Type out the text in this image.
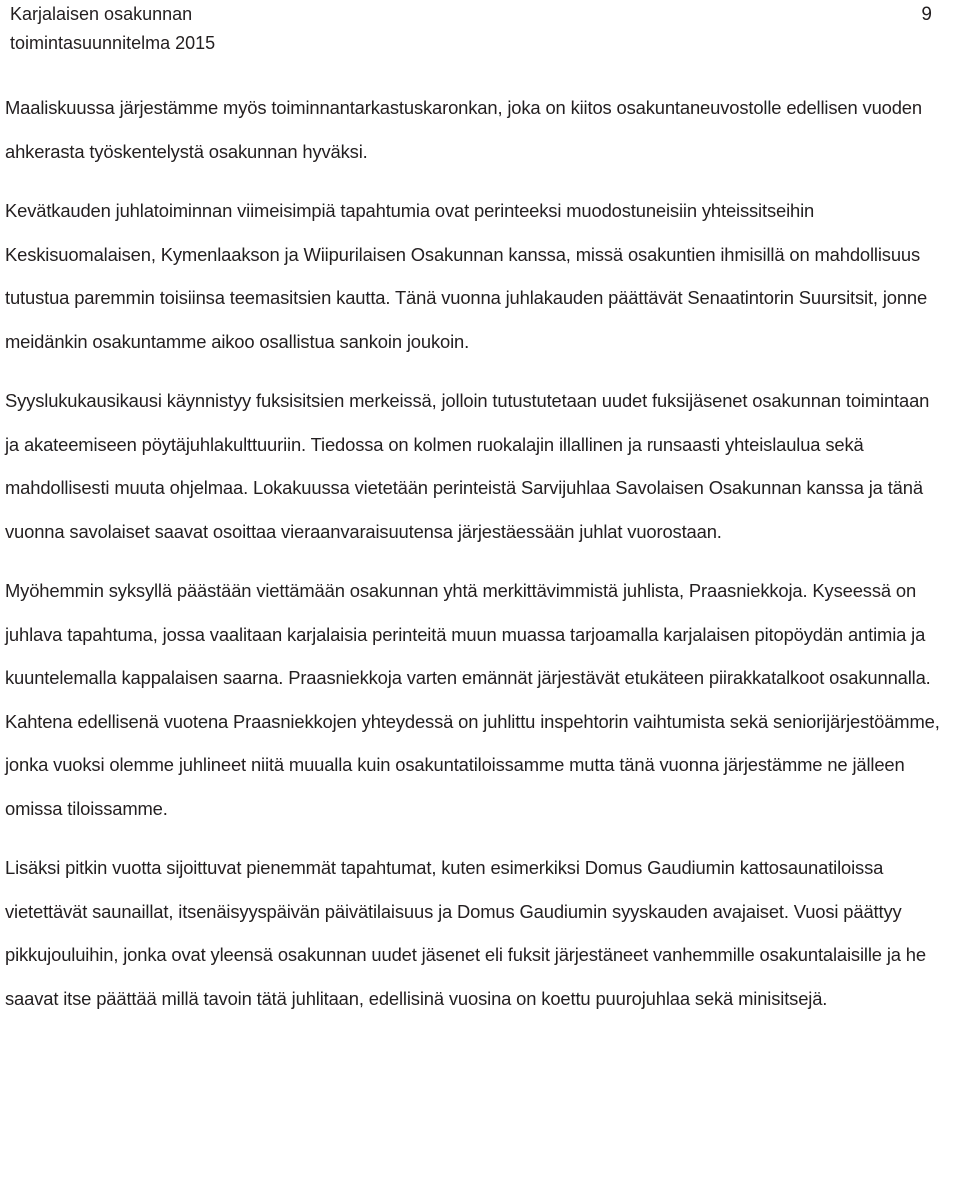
Karjalaisen osakunnan
toimintasuunnitelma 2015
9

Maaliskuussa järjestämme myös toiminnantarkastuskaronkan, joka on kiitos osakuntaneuvostolle edellisen vuoden ahkerasta työskentelystä osakunnan hyväksi.

Kevätkauden juhlatoiminnan viimeisimpiä tapahtumia ovat perinteeksi muodostuneisiin yhteissitseihin Keskisuomalaisen, Kymenlaakson ja Wiipurilaisen Osakunnan kanssa, missä osakuntien ihmisillä on mahdollisuus tutustua paremmin toisiinsa teemasitsien kautta. Tänä vuonna juhlakauden päättävät Senaatintorin Suursitsit, jonne meidänkin osakuntamme aikoo osallistua sankoin joukoin.

Syyslukukausikausi käynnistyy fuksisitsien merkeissä, jolloin tutustutetaan uudet fuksijäsenet osakunnan toimintaan ja akateemiseen pöytäjuhlakulttuuriin. Tiedossa on kolmen ruokalajin illallinen ja runsaasti yhteislaulua sekä mahdollisesti muuta ohjelmaa. Lokakuussa vietetään perinteistä Sarvijuhlaa Savolaisen Osakunnan kanssa ja tänä vuonna savolaiset saavat osoittaa vieraanvaraisuutensa järjestäessään juhlat vuorostaan.

Myöhemmin syksyllä päästään viettämään osakunnan yhtä merkittävimmistä juhlista, Praasniekkoja. Kyseessä on juhlava tapahtuma, jossa vaalitaan karjalaisia perinteitä muun muassa tarjoamalla karjalaisen pitopöydän antimia ja kuuntelemalla kappalaisen saarna. Praasniekkoja varten emännät järjestävät etukäteen piirakkatalkoot osakunnalla. Kahtena edellisenä vuotena Praasniekkojen yhteydessä on juhlittu inspehtorin vaihtumista sekä seniorijärjestöämme, jonka vuoksi olemme juhlineet niitä muualla kuin osakuntatiloissamme mutta tänä vuonna järjestämme ne jälleen omissa tiloissamme.

Lisäksi pitkin vuotta sijoittuvat pienemmät tapahtumat, kuten esimerkiksi Domus Gaudiumin kattosaunatiloissa vietettävät saunaillat, itsenäisyyspäivän päivätilaisuus ja Domus Gaudiumin syyskauden avajaiset. Vuosi päättyy pikkujouluihin, jonka ovat yleensä osakunnan uudet jäsenet eli fuksit järjestäneet vanhemmille osakuntalaisille ja he saavat itse päättää millä tavoin tätä juhlitaan, edellisinä vuosina on koettu puurojuhlaa sekä minisitsejä.
